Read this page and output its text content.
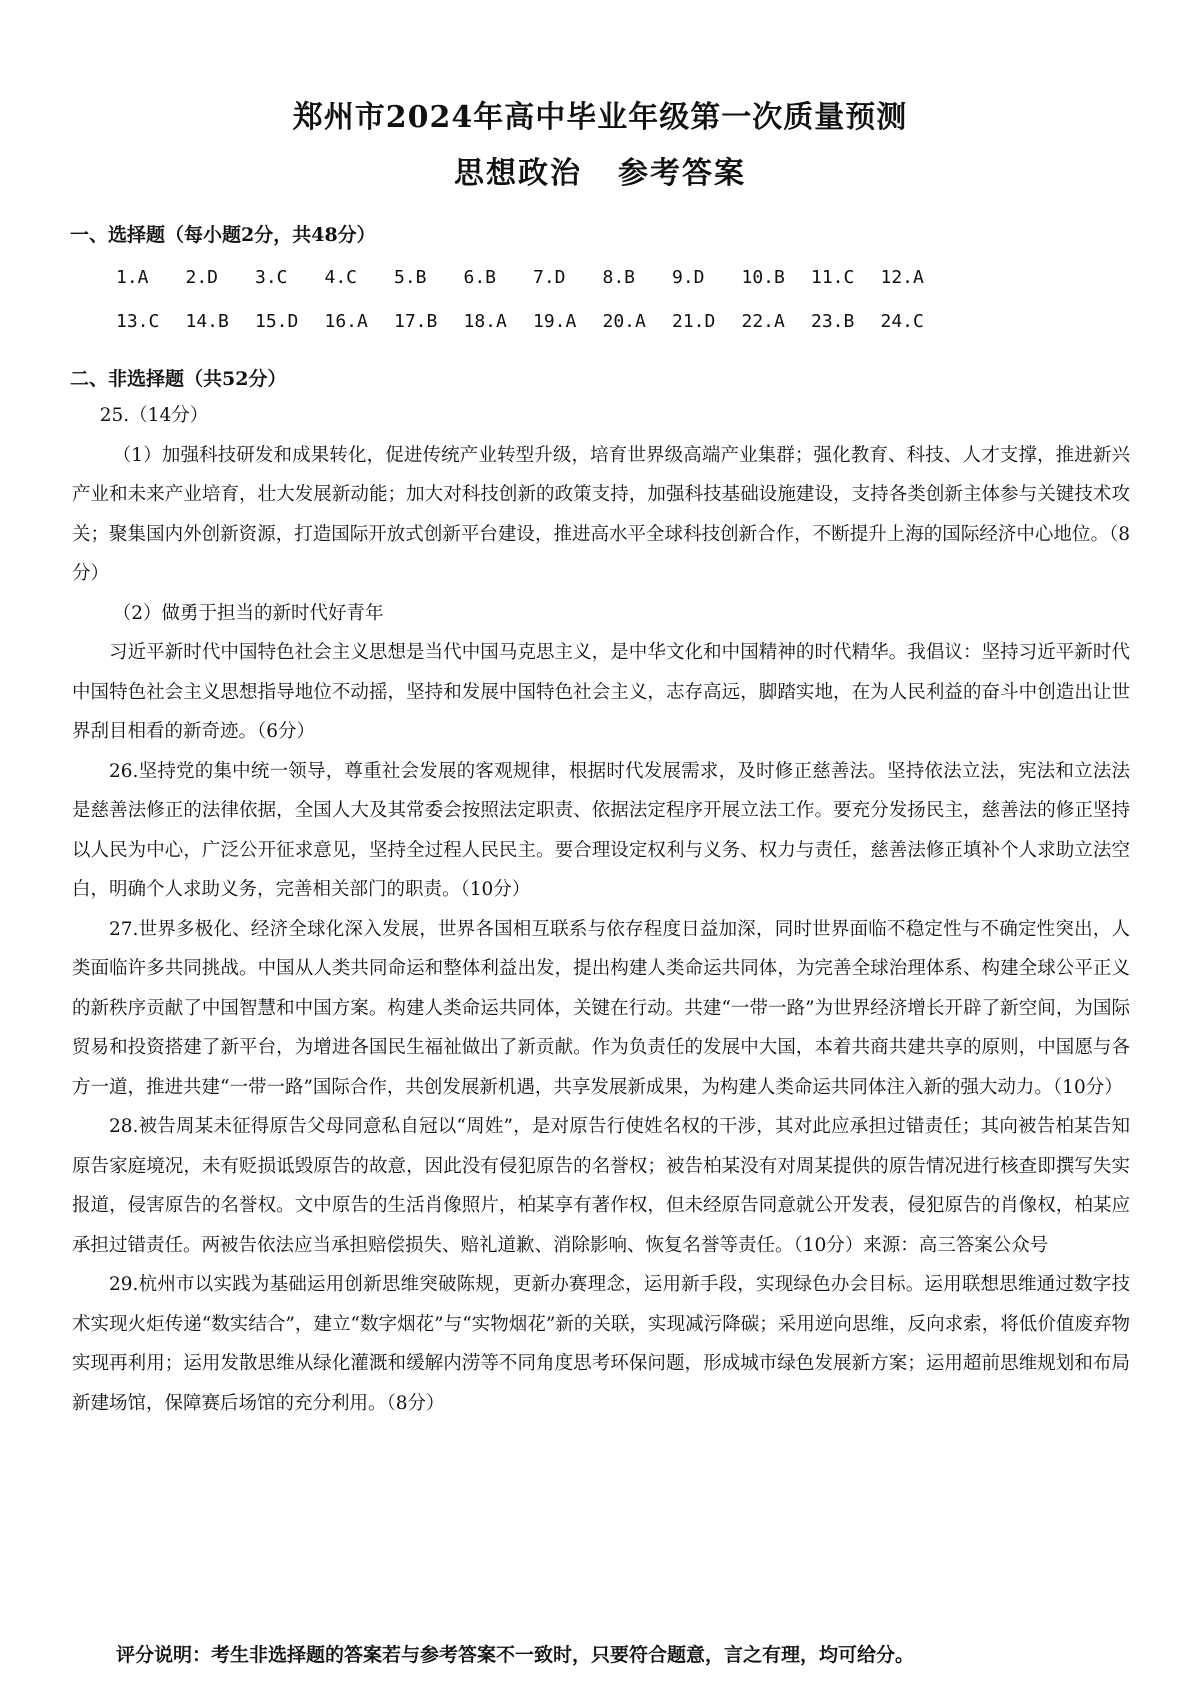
郑州市2024年高中毕业年级第一次质量预测
思想政治 参考答案
一、选择题（每小题2分，共48分）
1.A	2.D	3.C	4.C	5.B	6.B	7.D	8.B	9.D	10.B	11.C	12.A
13.C	14.B	15.D	16.A	17.B	18.A	19.A	20.A	21.D	22.A	23.B	24.C
二、非选择题（共52分）

25.（14分）

（1）加强科技研发和成果转化，促进传统产业转型升级，培育世界级高端产业集群；强化教育、科技、人才支撑，推进新兴产业和未来产业培育，壮大发展新动能；加大对科技创新的政策支持，加强科技基础设施建设，支持各类创新主体参与关键技术攻关；聚集国内外创新资源，打造国际开放式创新平台建设，推进高水平全球科技创新合作，不断提升上海的国际经济中心地位。（8分）

（2）做勇于担当的新时代好青年

习近平新时代中国特色社会主义思想是当代中国马克思主义，是中华文化和中国精神的时代精华。我倡议：坚持习近平新时代中国特色社会主义思想指导地位不动摇，坚持和发展中国特色社会主义，志存高远，脚踏实地，在为人民利益的奋斗中创造出让世界刮目相看的新奇迹。（6分）

26.坚持党的集中统一领导，尊重社会发展的客观规律，根据时代发展需求，及时修正慈善法。坚持依法立法，宪法和立法法是慈善法修正的法律依据，全国人大及其常委会按照法定职责、依据法定程序开展立法工作。要充分发扬民主，慈善法的修正坚持以人民为中心，广泛公开征求意见，坚持全过程人民民主。要合理设定权利与义务、权力与责任，慈善法修正填补个人求助立法空白，明确个人求助义务，完善相关部门的职责。（10分）

27.世界多极化、经济全球化深入发展，世界各国相互联系与依存程度日益加深，同时世界面临不稳定性与不确定性突出，人类面临许多共同挑战。中国从人类共同命运和整体利益出发，提出构建人类命运共同体，为完善全球治理体系、构建全球公平正义的新秩序贡献了中国智慧和中国方案。构建人类命运共同体，关键在行动。共建“一带一路”为世界经济增长开辟了新空间，为国际贸易和投资搭建了新平台，为增进各国民生福祉做出了新贡献。作为负责任的发展中大国，本着共商共建共享的原则，中国愿与各方一道，推进共建“一带一路”国际合作，共创发展新机遇，共享发展新成果，为构建人类命运共同体注入新的强大动力。（10分）

28.被告周某未征得原告父母同意私自冠以“周姓”，是对原告行使姓名权的干涉，其对此应承担过错责任；其向被告柏某告知原告家庭境况，未有贬损诋毁原告的故意，因此没有侵犯原告的名誉权；被告柏某没有对周某提供的原告情况进行核查即撰写失实报道，侵害原告的名誉权。文中原告的生活肖像照片，柏某享有著作权，但未经原告同意就公开发表，侵犯原告的肖像权，柏某应承担过错责任。两被告依法应当承担赔偿损失、赔礼道歉、消除影响、恢复名誉等责任。（10分）来源：高三答案公众号

29.杭州市以实践为基础运用创新思维突破陈规，更新办赛理念，运用新手段，实现绿色办会目标。运用联想思维通过数字技术实现火炬传递“数实结合”，建立“数字烟花”与“实物烟花”新的关联，实现减污降碳；采用逆向思维，反向求索，将低价值废弃物实现再利用；运用发散思维从绿化灌溉和缓解内涝等不同角度思考环保问题，形成城市绿色发展新方案；运用超前思维规划和布局新建场馆，保障赛后场馆的充分利用。（8分）

评分说明：考生非选择题的答案若与参考答案不一致时，只要符合题意，言之有理，均可给分。
